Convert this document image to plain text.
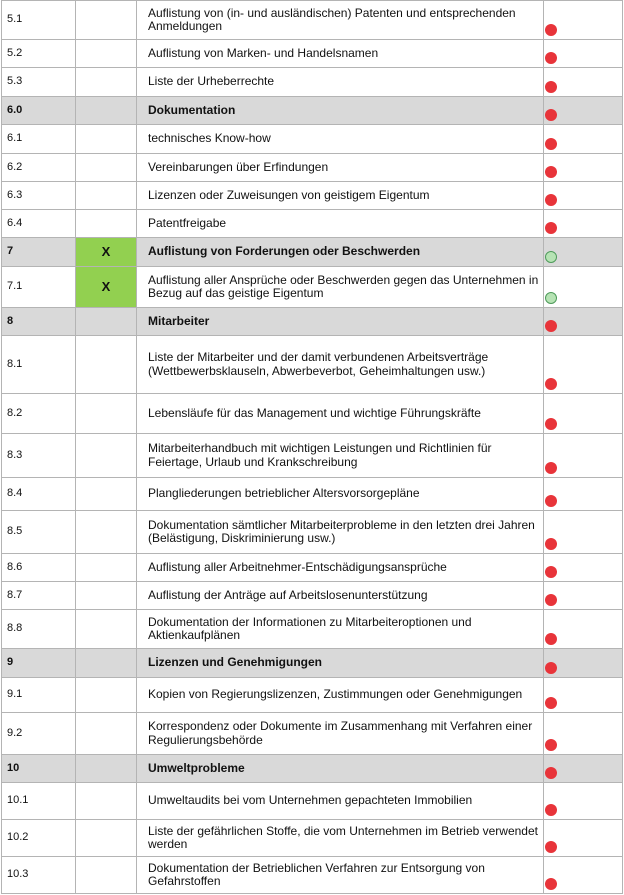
5.1		Auflistung von (in- und ausländischen) Patenten und entsprechenden Anmeldungen	

5.2		Auflistung von Marken- und Handelsnamen	

5.3		Liste der Urheberrechte	

6.0		Dokumentation	

6.1		technisches Know-how	

6.2		Vereinbarungen über Erfindungen	

6.3		Lizenzen oder Zuweisungen von geistigem Eigentum	

6.4		Patentfreigabe	

7	X	Auflistung von Forderungen oder Beschwerden	

7.1	X	Auflistung aller Ansprüche oder Beschwerden gegen das Unternehmen in Bezug auf das geistige Eigentum	

8		Mitarbeiter	

8.1		Liste der Mitarbeiter und der damit verbundenen Arbeitsverträge (Wettbewerbsklauseln, Abwerbeverbot, Geheimhaltungen usw.)	

8.2		Lebensläufe für das Management und wichtige Führungskräfte	

8.3		Mitarbeiterhandbuch mit wichtigen Leistungen und Richtlinien für Feiertage, Urlaub und Krankschreibung	

8.4		Plangliederungen betrieblicher Altersvorsorgepläne	

8.5		Dokumentation sämtlicher Mitarbeiterprobleme in den letzten drei Jahren (Belästigung, Diskriminierung usw.)	

8.6		Auflistung aller Arbeitnehmer-Entschädigungsansprüche	

8.7		Auflistung der Anträge auf Arbeitslosenunterstützung	

8.8		Dokumentation der Informationen zu Mitarbeiteroptionen und Aktienkaufplänen	

9		Lizenzen und Genehmigungen	

9.1		Kopien von Regierungslizenzen, Zustimmungen oder Genehmigungen	

9.2		Korrespondenz oder Dokumente im Zusammenhang mit Verfahren einer Regulierungsbehörde	

10		Umweltprobleme	

10.1		Umweltaudits bei vom Unternehmen gepachteten Immobilien	

10.2		Liste der gefährlichen Stoffe, die vom Unternehmen im Betrieb verwendet werden	

10.3		Dokumentation der Betrieblichen Verfahren zur Entsorgung von Gefahrstoffen	
